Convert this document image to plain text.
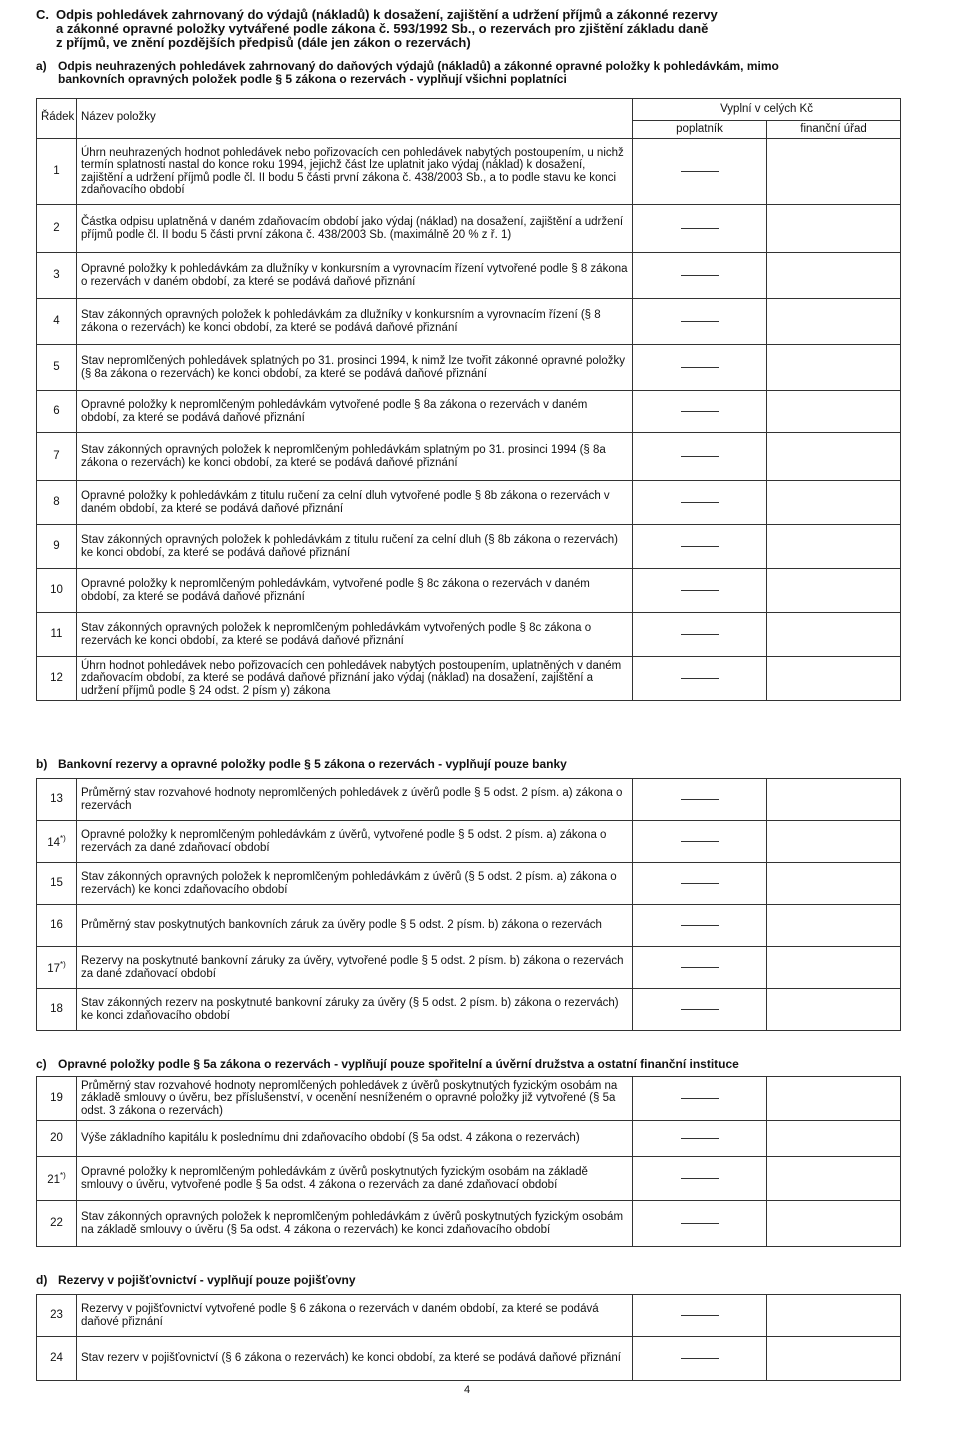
C. Odpis pohledávek zahrnovaný do výdajů (nákladů) k dosažení, zajištění a udržení příjmů a zákonné rezervy
a zákonné opravné položky vytvářené podle zákona č. 593/1992 Sb., o rezervách pro zjištění základu daně
z příjmů, ve znění pozdějších předpisů (dále jen zákon o rezervách)
a) Odpis neuhrazených pohledávek zahrnovaný do daňových výdajů (nákladů) a zákonné opravné položky k pohledávkám, mimo
bankovních opravných položek podle § 5 zákona o rezervách - vyplňují všichni poplatníci
Řádek	Název položky	Vyplní v celých Kč	
		poplatník	finanční úřad
1	Úhrn neuhrazených hodnot pohledávek nebo pořizovacích cen pohledávek nabytých postoupením, u nichž termín splatnosti nastal do konce roku 1994, jejichž část lze uplatnit jako výdaj (náklad) k dosažení, zajištění a udržení příjmů podle čl. II bodu 5 části první zákona č. 438/2003 Sb., a to podle stavu ke konci zdaňovacího období		
2	Částka odpisu uplatněná v daném zdaňovacím období jako výdaj (náklad) na dosažení, zajištění a udržení příjmů podle čl. II bodu 5 části první zákona č. 438/2003 Sb. (maximálně 20 % z ř. 1)		
3	Opravné položky k pohledávkám za dlužníky v konkursním a vyrovnacím řízení vytvořené podle § 8 zákona o rezervách v daném období, za které se podává daňové přiznání		
4	Stav zákonných opravných položek k pohledávkám za dlužníky v konkursním a vyrovnacím řízení (§ 8 zákona o rezervách) ke konci období, za které se podává daňové přiznání		
5	Stav nepromlčených pohledávek splatných po 31. prosinci 1994, k nimž lze tvořit zákonné opravné položky (§ 8a zákona o rezervách) ke konci období, za které se podává daňové přiznání		
6	Opravné položky k nepromlčeným pohledávkám vytvořené podle § 8a zákona o rezervách v daném období, za které se podává daňové přiznání		
7	Stav zákonných opravných položek k nepromlčeným pohledávkám splatným po 31. prosinci 1994 (§ 8a zákona o rezervách) ke konci období, za které se podává daňové přiznání		
8	Opravné položky k pohledávkám z titulu ručení za celní dluh vytvořené podle § 8b zákona o rezervách v daném období, za které se podává daňové přiznání		
9	Stav zákonných opravných položek k pohledávkám z titulu ručení za celní dluh (§ 8b zákona o rezervách) ke konci období, za které se podává daňové přiznání		
10	Opravné položky k nepromlčeným pohledávkám, vytvořené podle § 8c zákona o rezervách v daném období, za které se podává daňové přiznání		
11	Stav zákonných opravných položek k nepromlčeným pohledávkám vytvořených podle § 8c zákona o rezervách ke konci období, za které se podává daňové přiznání		
12	Úhrn hodnot pohledávek nebo pořizovacích cen pohledávek nabytých postoupením, uplatněných v daném zdaňovacím období, za které se podává daňové přiznání jako výdaj (náklad) na dosažení, zajištění a udržení příjmů podle § 24 odst. 2 písm y) zákona		
b) Bankovní rezervy a opravné položky podle § 5 zákona o rezervách - vyplňují pouze banky
13	Průměrný stav rozvahové hodnoty nepromlčených pohledávek z úvěrů podle § 5 odst. 2 písm. a) zákona o rezervách		
14*)	Opravné položky k nepromlčeným pohledávkám z úvěrů, vytvořené podle § 5 odst. 2 písm. a) zákona o rezervách za dané zdaňovací období		
15	Stav zákonných opravných položek k nepromlčeným pohledávkám z úvěrů (§ 5 odst. 2 písm. a) zákona o rezervách) ke konci zdaňovacího období		
16	Průměrný stav poskytnutých bankovních záruk za úvěry podle § 5 odst. 2 písm. b) zákona o rezervách		
17*)	Rezervy na poskytnuté bankovní záruky za úvěry, vytvořené podle § 5 odst. 2 písm. b) zákona o rezervách za dané zdaňovací období		
18	Stav zákonných rezerv na poskytnuté bankovní záruky za úvěry (§ 5 odst. 2 písm. b) zákona o rezervách) ke konci zdaňovacího období		
c) Opravné položky podle § 5a zákona o rezervách - vyplňují pouze spořitelní a úvěrní družstva a ostatní finanční instituce
19	Průměrný stav rozvahové hodnoty nepromlčených pohledávek z úvěrů poskytnutých fyzickým osobám na základě smlouvy o úvěru, bez příslušenství, v ocenění nesníženém o opravné položky již vytvořené (§ 5a odst. 3 zákona o rezervách)		
20	Výše základního kapitálu k poslednímu dni zdaňovacího období (§ 5a odst. 4 zákona o rezervách)		
21*)	Opravné položky k nepromlčeným pohledávkám z úvěrů poskytnutých fyzickým osobám na základě smlouvy o úvěru, vytvořené podle § 5a odst. 4 zákona o rezervách za dané zdaňovací období		
22	Stav zákonných opravných položek k nepromlčeným pohledávkám z úvěrů poskytnutých fyzickým osobám na základě smlouvy o úvěru (§ 5a odst. 4 zákona o rezervách) ke konci zdaňovacího období		
d) Rezervy v pojišťovnictví - vyplňují pouze pojišťovny
23	Rezervy v pojišťovnictví vytvořené podle § 6 zákona o rezervách v daném období, za které se podává daňové přiznání		
24	Stav rezerv v pojišťovnictví (§ 6 zákona o rezervách) ke konci období, za které se podává daňové přiznání		
4
